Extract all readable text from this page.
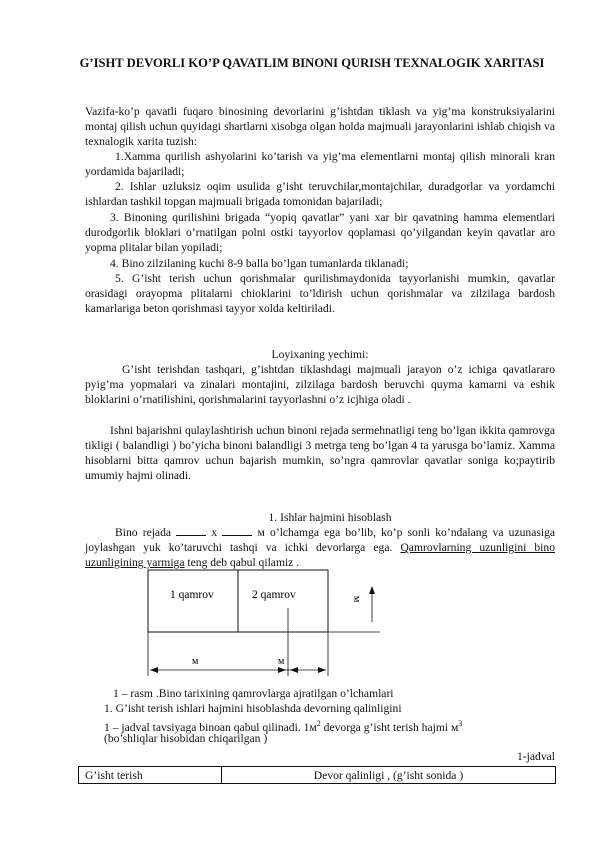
G’ISHT DEVORLI KO’P QAVATLIM BINONI QURISH TEXNALOGIK XARITASI

Vazifa-ko’p qavatli fuqaro binosining devorlarini g’ishtdan tiklash va yig’ma konstruksiyalarini montaj qilish uchun quyidagi shartlarni xisobga olgan holda majmuali jarayonlarini ishlab chiqish va texnalogik xarita tuzish:

1.Xamma qurilish ashyolarini ko’tarish va yig’ma elementlarni montaj qilish minorali kran yordamida bajariladi;

2. Ishlar uzluksiz oqim usulida g’isht teruvchilar,montajchilar, duradgorlar va yordamchi ishlardan tashkil topgan majmuali brigada tomonidan bajariladi;

3. Binoning qurilishini brigada “yopiq qavatlar” yani xar bir qavatning hamma elementlari durodgorlik bloklari o’rnatilgan polni ostki tayyorlov qoplamasi qo’yilgandan keyin qavatlar aro yopma plitalar bilan yopiladi;

4. Bino zilzilaning kuchi 8-9 balla bo’lgan tumanlarda tiklanadi;

5. G’isht terish uchun qorishmalar qurilishmaydonida tayyorlanishi mumkin, qavatlar orasidagi orayopma plitalarni chioklarini to’ldirish uchun qorishmalar va zilzilaga bardosh kamarlariga beton qorishmasi tayyor xolda keltiriladi.

Loyixaning yechimi:

G’isht terishdan tashqari, g’ishtdan tiklashdagi majmuali jarayon o’z ichiga qavatlararo pyig’ma yopmalari va zinalari montajini, zilzilaga bardosh beruvchi quyma kamarni va eshik bloklarini o’rnatilishini, qorishmalarini tayyorlashni o’z icjhiga oladi .

Ishni bajarishni qulaylashtirish uchun binoni rejada sermehnatligi teng bo’lgan ikkita qamrovga tikligi ( balandligi ) bo’yicha binoni balandligi 3 metrga teng bo’lgan 4 ta yarusga bo’lamiz. Xamma hisoblarni bitta qamrov uchun bajarish mumkin, so’ngra qamrovlar qavatlar soniga ko;paytirib umumiy hajmi olinadi.

1. Ishlar hajmini hisoblash

Bino rejada	x	м o’lchamga ega bo’lib, ko’p sonli ko’ndalang va uzunasiga joylashgan yuk ko’taruvchi tashqi va ichki devorlarga ega. Qamrovlarning uzunligini bino uzunligining yarmiga teng deb qabul qilamiz .

1 qamrov	2 qamrov	м
м	м

1 – rasm .Bino tarixining qamrovlarga ajratilgan o’lchamlari

1. G’isht terish ishlari hajmini hisoblashda devorning qalinligini

1 – jadval tavsiyaga binoan qabul qilinadi. $1м^2$ devorga g’isht terish hajmi $м^3$

(bo’shliqlar hisobidan chiqarilgan )

1-jadval

G’isht terish	Devor qalinligi , (g’isht sonida )
